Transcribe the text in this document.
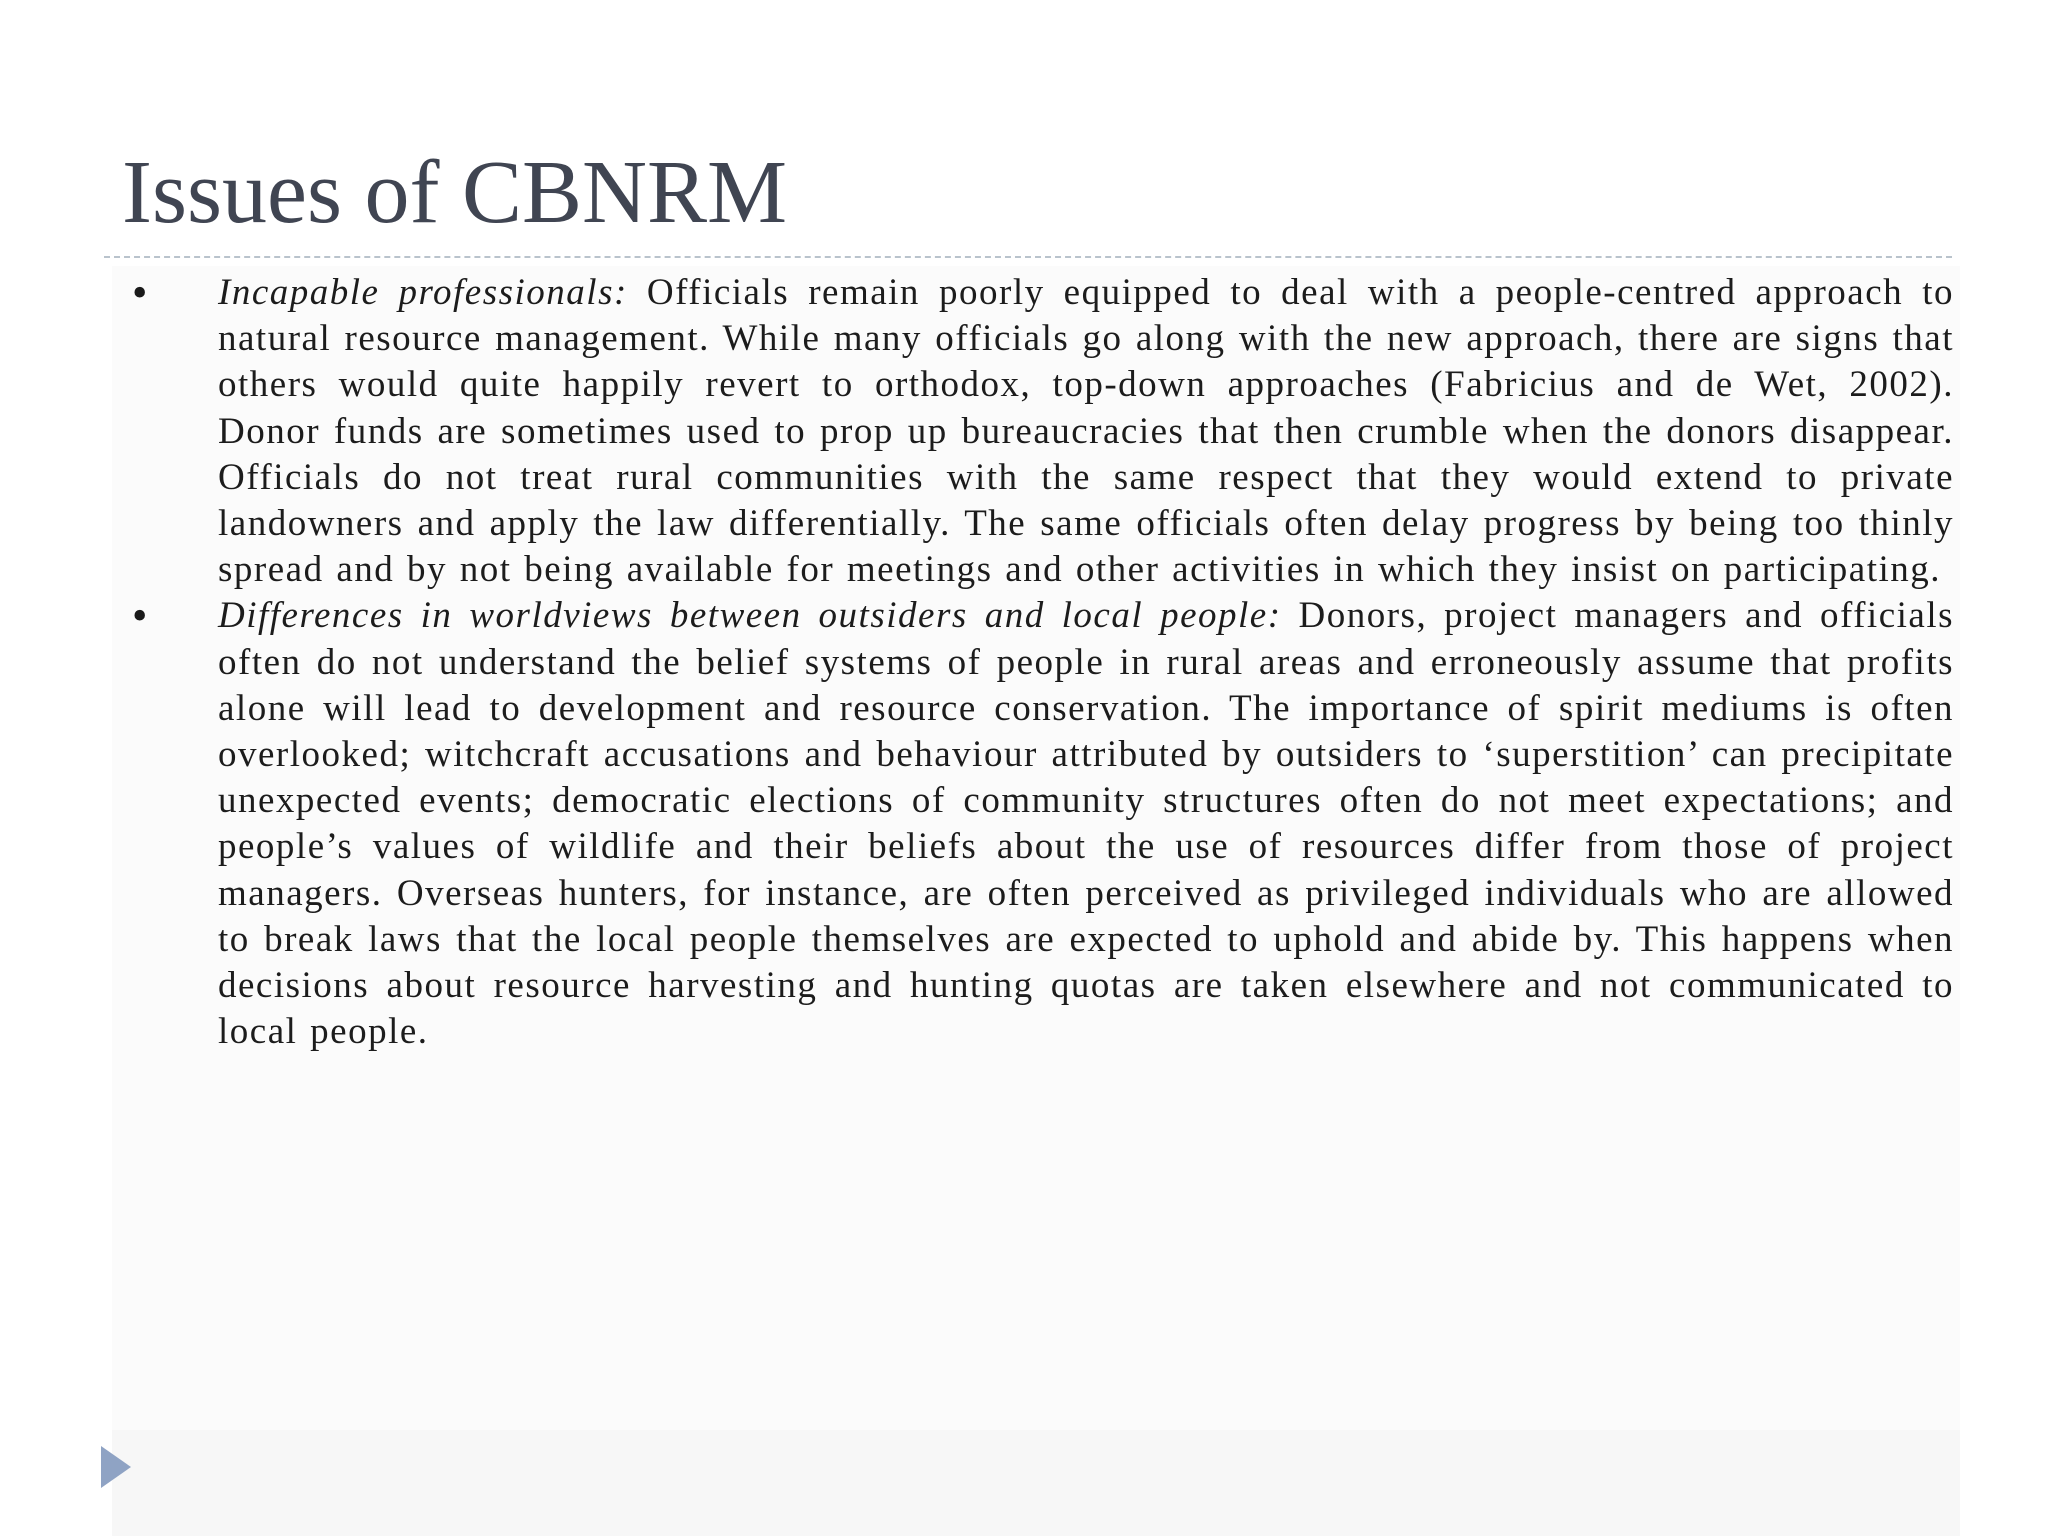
Issues of CBNRM
• Incapable professionals: Officials remain poorly equipped to deal with a people-centred approach to natural resource management. While many officials go along with the new approach, there are signs that others would quite happily revert to orthodox, top-down approaches (Fabricius and de Wet, 2002). Donor funds are sometimes used to prop up bureaucracies that then crumble when the donors disappear. Officials do not treat rural communities with the same respect that they would extend to private landowners and apply the law differentially. The same officials often delay progress by being too thinly spread and by not being available for meetings and other activities in which they insist on participating.

• Differences in worldviews between outsiders and local people: Donors, project managers and officials often do not understand the belief systems of people in rural areas and erroneously assume that profits alone will lead to development and resource conservation. The importance of spirit mediums is often overlooked; witchcraft accusations and behaviour attributed by outsiders to ‘superstition’ can precipitate unexpected events; democratic elections of community structures often do not meet expectations; and people’s values of wildlife and their beliefs about the use of resources differ from those of project managers. Overseas hunters, for instance, are often perceived as privileged individuals who are allowed to break laws that the local people themselves are expected to uphold and abide by. This happens when decisions about resource harvesting and hunting quotas are taken elsewhere and not communicated to local people.
